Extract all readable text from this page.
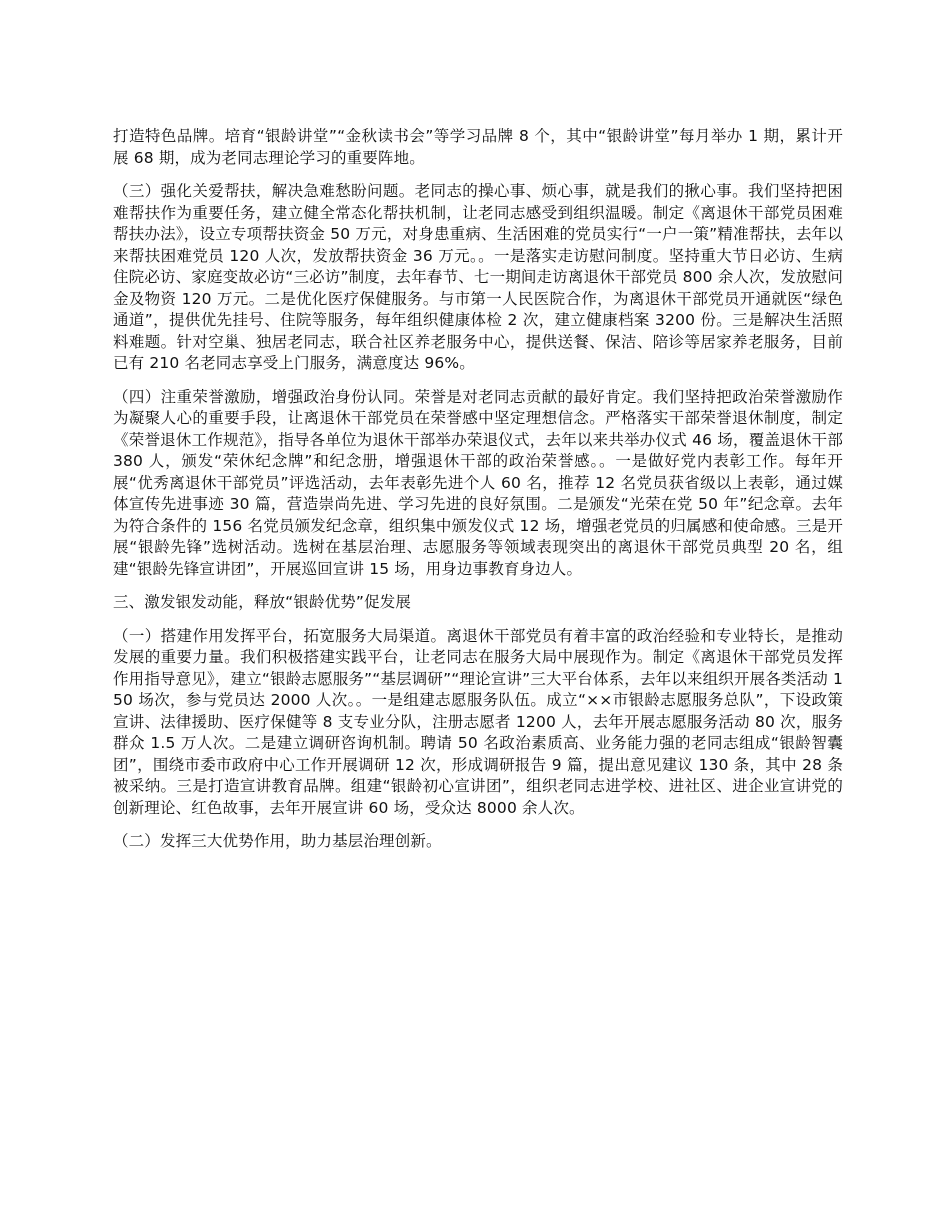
打造特色品牌。培育“银龄讲堂”“金秋读书会”等学习品牌 8 个，其中“银龄讲堂”每月举办 1 期，累计开展 68 期，成为老同志理论学习的重要阵地。

（三）强化关爱帮扶，解决急难愁盼问题。老同志的操心事、烦心事，就是我们的揪心事。我们坚持把困难帮扶作为重要任务，建立健全常态化帮扶机制，让老同志感受到组织温暖。制定《离退休干部党员困难帮扶办法》，设立专项帮扶资金 50 万元，对身患重病、生活困难的党员实行“一户一策”精准帮扶，去年以来帮扶困难党员 120 人次，发放帮扶资金 36 万元。。一是落实走访慰问制度。坚持重大节日必访、生病住院必访、家庭变故必访“三必访”制度，去年春节、七一期间走访离退休干部党员 800 余人次，发放慰问金及物资 120 万元。二是优化医疗保健服务。与市第一人民医院合作，为离退休干部党员开通就医“绿色通道”，提供优先挂号、住院等服务，每年组织健康体检 2 次，建立健康档案 3200 份。三是解决生活照料难题。针对空巢、独居老同志，联合社区养老服务中心，提供送餐、保洁、陪诊等居家养老服务，目前已有 210 名老同志享受上门服务，满意度达 96%。

（四）注重荣誉激励，增强政治身份认同。荣誉是对老同志贡献的最好肯定。我们坚持把政治荣誉激励作为凝聚人心的重要手段，让离退休干部党员在荣誉感中坚定理想信念。严格落实干部荣誉退休制度，制定《荣誉退休工作规范》，指导各单位为退休干部举办荣退仪式，去年以来共举办仪式 46 场，覆盖退休干部 380 人，颁发“荣休纪念牌”和纪念册，增强退休干部的政治荣誉感。。一是做好党内表彰工作。每年开展“优秀离退休干部党员”评选活动，去年表彰先进个人 60 名，推荐 12 名党员获省级以上表彰，通过媒体宣传先进事迹 30 篇，营造崇尚先进、学习先进的良好氛围。二是颁发“光荣在党 50 年”纪念章。去年为符合条件的 156 名党员颁发纪念章，组织集中颁发仪式 12 场，增强老党员的归属感和使命感。三是开展“银龄先锋”选树活动。选树在基层治理、志愿服务等领域表现突出的离退休干部党员典型 20 名，组建“银龄先锋宣讲团”，开展巡回宣讲 15 场，用身边事教育身边人。

三、激发银发动能，释放“银龄优势”促发展

（一）搭建作用发挥平台，拓宽服务大局渠道。离退休干部党员有着丰富的政治经验和专业特长，是推动发展的重要力量。我们积极搭建实践平台，让老同志在服务大局中展现作为。制定《离退休干部党员发挥作用指导意见》，建立“银龄志愿服务”“基层调研”“理论宣讲”三大平台体系，去年以来组织开展各类活动 150 场次，参与党员达 2000 人次。。一是组建志愿服务队伍。成立“××市银龄志愿服务总队”，下设政策宣讲、法律援助、医疗保健等 8 支专业分队，注册志愿者 1200 人，去年开展志愿服务活动 80 次，服务群众 1.5 万人次。二是建立调研咨询机制。聘请 50 名政治素质高、业务能力强的老同志组成“银龄智囊团”，围绕市委市政府中心工作开展调研 12 次，形成调研报告 9 篇，提出意见建议 130 条，其中 28 条被采纳。三是打造宣讲教育品牌。组建“银龄初心宣讲团”，组织老同志进学校、进社区、进企业宣讲党的创新理论、红色故事，去年开展宣讲 60 场，受众达 8000 余人次。

（二）发挥三大优势作用，助力基层治理创新。
